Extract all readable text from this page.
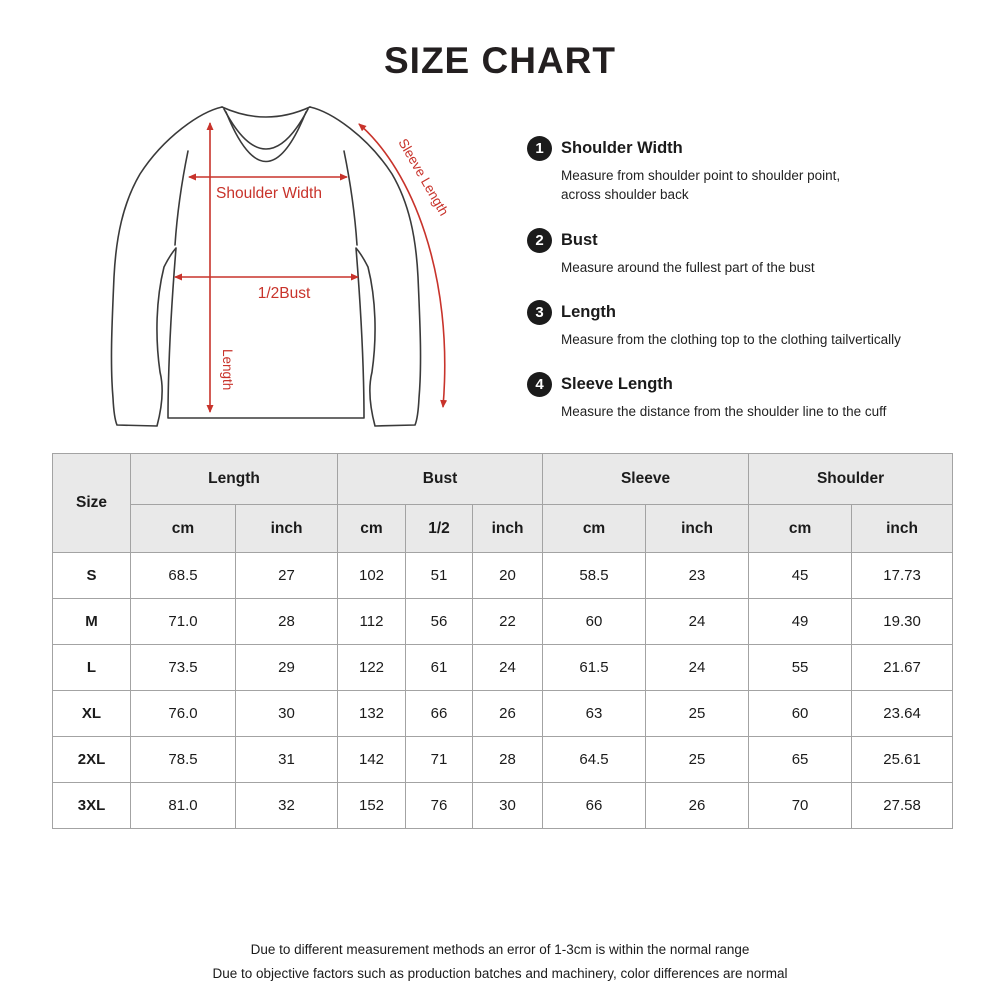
SIZE CHART
Shoulder Width
1/2Bust
Length
Sleeve Length	1	Shoulder Width
Measure from shoulder point to shoulder point,
across shoulder back
2	Bust
Measure around the fullest part of the bust
3	Length
Measure from the clothing top to the clothing tailvertically
4	Sleeve Length
Measure the distance from the shoulder line to the cuff
Size	Length		Bust			Sleeve		Shoulder	
	cm	inch	cm	1/2	inch	cm	inch	cm	inch
S	68.5	27	102	51	20	58.5	23	45	17.73
M	71.0	28	112	56	22	60	24	49	19.30
L	73.5	29	122	61	24	61.5	24	55	21.67
XL	76.0	30	132	66	26	63	25	60	23.64
2XL	78.5	31	142	71	28	64.5	25	65	25.61
3XL	81.0	32	152	76	30	66	26	70	27.58
Due to different measurement methods an error of 1-3cm is within the normal range
Due to objective factors such as production batches and machinery, color differences are normal
